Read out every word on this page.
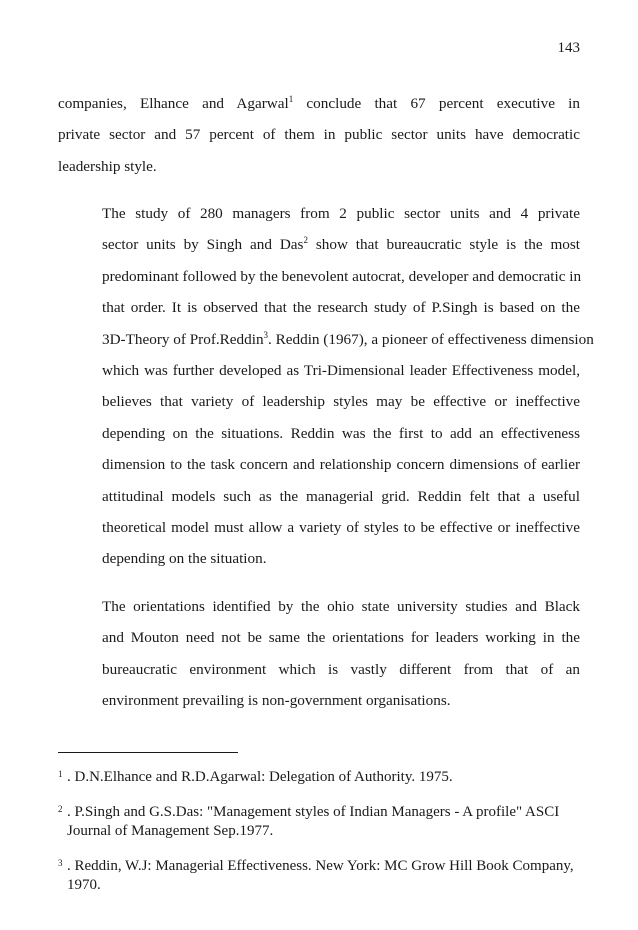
143
companies, Elhance and Agarwal$^1$ conclude that 67 percent executive in
private sector and 57 percent of them in public sector units have democratic
leadership style.
The study of 280 managers from 2 public sector units and 4 private
sector units by Singh and Das$^2$ show that bureaucratic style is the most
predominant followed by the benevolent autocrat, developer and democratic in
that order. It is observed that the research study of P.Singh is based on the
3D-Theory of Prof.Reddin$^3$. Reddin (1967), a pioneer of effectiveness dimension
which was further developed as Tri-Dimensional leader Effectiveness model,
believes that variety of leadership styles may be effective or ineffective
depending on the situations. Reddin was the first to add an effectiveness
dimension to the task concern and relationship concern dimensions of earlier
attitudinal models such as the managerial grid. Reddin felt that a useful
theoretical model must allow a variety of styles to be effective or ineffective
depending on the situation.
The orientations identified by the ohio state university studies and Black
and Mouton need not be same the orientations for leaders working in the
bureaucratic environment which is vastly different from that of an
environment prevailing is non-government organisations.
1 . D.N.Elhance and R.D.Agarwal: Delegation of Authority. 1975.
2 . P.Singh and G.S.Das: "Management styles of Indian Managers - A profile" ASCI Journal of Management Sep.1977.
3 . Reddin, W.J: Managerial Effectiveness. New York: MC Grow Hill Book Company, 1970.
